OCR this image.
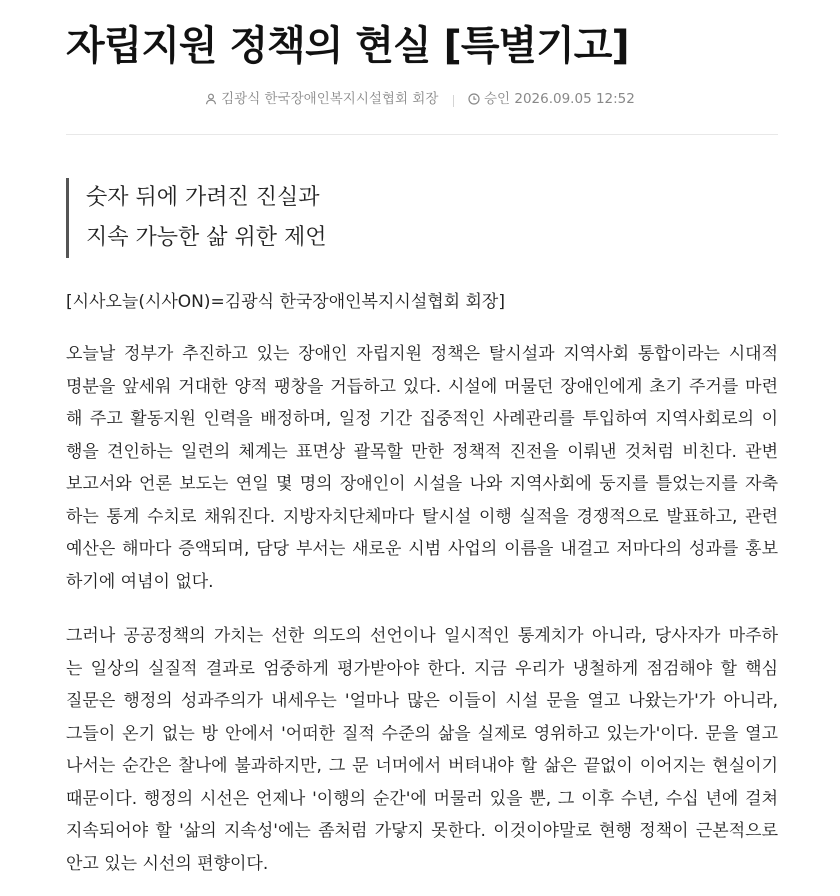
자립지원 정책의 현실 [특별기고]
김광식 한국장애인복지시설협회 회장
	승인 2026.09.05 12:52
숫자 뒤에 가려진 진실과
지속 가능한 삶 위한 제언
[시사오늘(시사ON)=김광식 한국장애인복지시설협회 회장]
오늘날 정부가 추진하고 있는 장애인 자립지원 정책은 탈시설과 지역사회 통합이라는 시대적
명분을 앞세워 거대한 양적 팽창을 거듭하고 있다. 시설에 머물던 장애인에게 초기 주거를 마련
해 주고 활동지원 인력을 배정하며, 일정 기간 집중적인 사례관리를 투입하여 지역사회로의 이
행을 견인하는 일련의 체계는 표면상 괄목할 만한 정책적 진전을 이뤄낸 것처럼 비친다. 관변
보고서와 언론 보도는 연일 몇 명의 장애인이 시설을 나와 지역사회에 둥지를 틀었는지를 자축
하는 통계 수치로 채워진다. 지방자치단체마다 탈시설 이행 실적을 경쟁적으로 발표하고, 관련
예산은 해마다 증액되며, 담당 부서는 새로운 시범 사업의 이름을 내걸고 저마다의 성과를 홍보
하기에 여념이 없다.
그러나 공공정책의 가치는 선한 의도의 선언이나 일시적인 통계치가 아니라, 당사자가 마주하
는 일상의 실질적 결과로 엄중하게 평가받아야 한다. 지금 우리가 냉철하게 점검해야 할 핵심
질문은 행정의 성과주의가 내세우는 '얼마나 많은 이들이 시설 문을 열고 나왔는가'가 아니라,
그들이 온기 없는 방 안에서 '어떠한 질적 수준의 삶을 실제로 영위하고 있는가'이다. 문을 열고
나서는 순간은 찰나에 불과하지만, 그 문 너머에서 버텨내야 할 삶은 끝없이 이어지는 현실이기
때문이다. 행정의 시선은 언제나 '이행의 순간'에 머물러 있을 뿐, 그 이후 수년, 수십 년에 걸쳐
지속되어야 할 '삶의 지속성'에는 좀처럼 가닿지 못한다. 이것이야말로 현행 정책이 근본적으로
안고 있는 시선의 편향이다.
